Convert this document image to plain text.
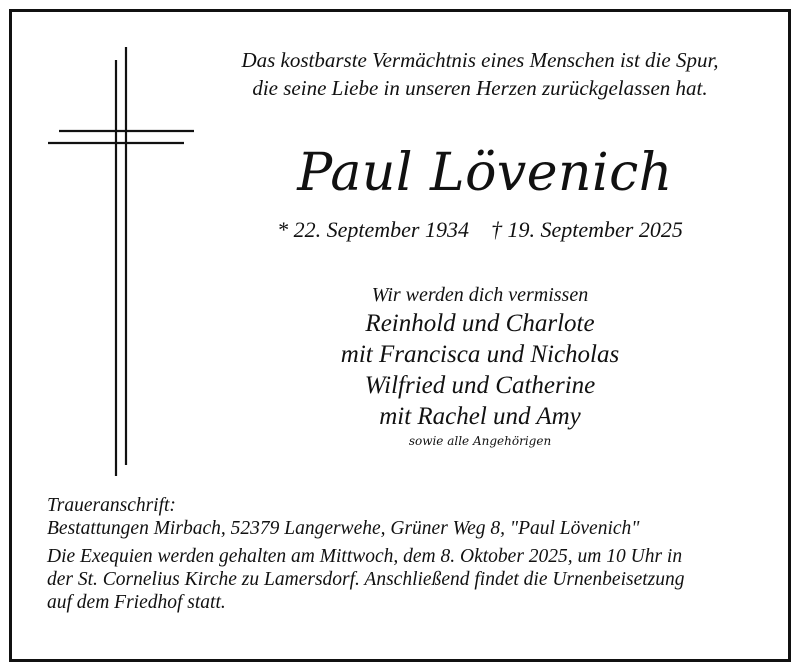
Das kostbarste Vermächtnis eines Menschen ist die Spur,
die seine Liebe in unseren Herzen zurückgelassen hat.
Paul Lövenich
* 22. September 1934 † 19. September 2025
Wir werden dich vermissen
Reinhold und Charlote
mit Francisca und Nicholas
Wilfried und Catherine
mit Rachel und Amy
sowie alle Angehörigen

Traueranschrift:

Bestattungen Mirbach, 52379 Langerwehe, Grüner Weg 8, "Paul Lövenich"

Die Exequien werden gehalten am Mittwoch, dem 8. Oktober 2025, um 10 Uhr in

der St. Cornelius Kirche zu Lamersdorf. Anschließend findet die Urnenbeisetzung

auf dem Friedhof statt.
